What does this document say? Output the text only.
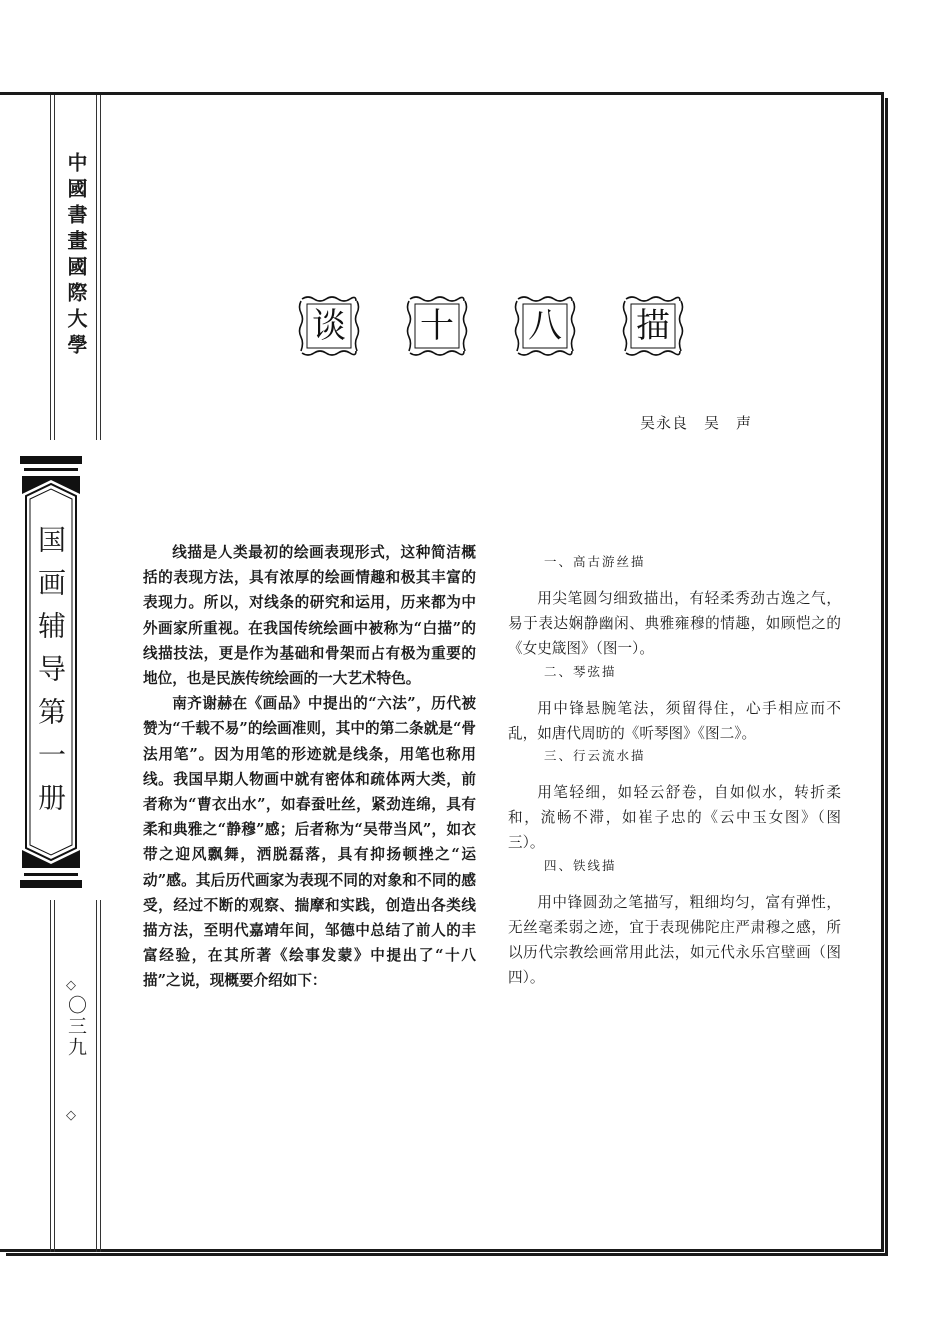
中國書畫國際大學
国画辅导第一册
◇
〇三九
◇
谈	十	八	描
吴永良　吴　声

线描是人类最初的绘画表现形式，这种简洁概括的表现方法，具有浓厚的绘画情趣和极其丰富的表现力。所以，对线条的研究和运用，历来都为中外画家所重视。在我国传统绘画中被称为“白描”的线描技法，更是作为基础和骨架而占有极为重要的地位，也是民族传统绘画的一大艺术特色。

南齐谢赫在《画品》中提出的“六法”，历代被赞为“千载不易”的绘画准则，其中的第二条就是“骨法用笔”。因为用笔的形迹就是线条，用笔也称用线。我国早期人物画中就有密体和疏体两大类，前者称为“曹衣出水”，如春蚕吐丝，紧劲连绵，具有柔和典雅之“静穆”感；后者称为“吴带当风”，如衣带之迎风飘舞，洒脱磊落，具有抑扬顿挫之“运动”感。其后历代画家为表现不同的对象和不同的感受，经过不断的观察、揣摩和实践，创造出各类线描方法，至明代嘉靖年间，邹德中总结了前人的丰富经验，在其所著《绘事发蒙》中提出了“十八描”之说，现概要介绍如下：

一、高古游丝描

用尖笔圆匀细致描出，有轻柔秀劲古逸之气，易于表达娴静幽闲、典雅雍穆的情趣，如顾恺之的《女史箴图》（图一）。

二、琴弦描

用中锋悬腕笔法，须留得住，心手相应而不乱，如唐代周昉的《听琴图》《图二》。

三、行云流水描

用笔轻细，如轻云舒卷，自如似水，转折柔和，流畅不滞，如崔子忠的《云中玉女图》（图三）。

四、铁线描

用中锋圆劲之笔描写，粗细均匀，富有弹性，无丝毫柔弱之迹，宜于表现佛陀庄严肃穆之感，所以历代宗教绘画常用此法，如元代永乐宫壁画（图四）。
